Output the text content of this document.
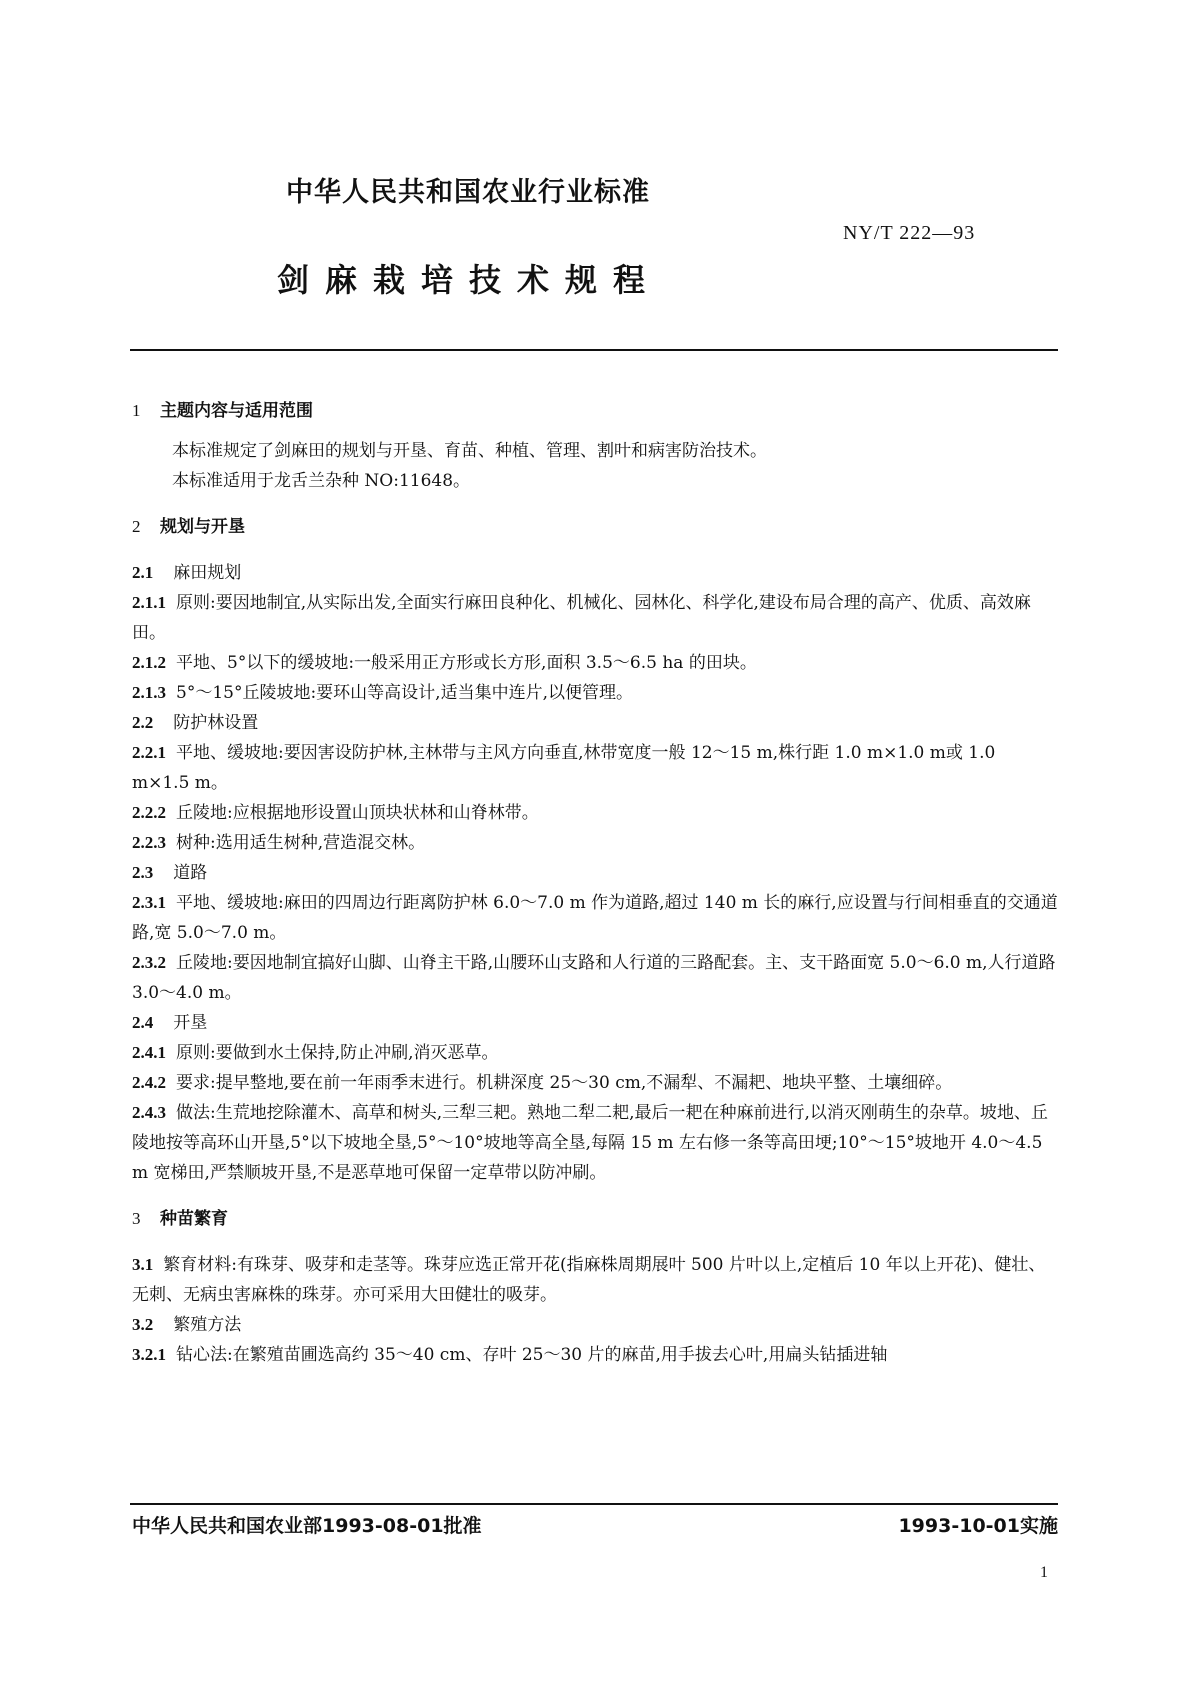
中华人民共和国农业行业标准
NY/T 222—93
剑麻栽培技术规程
1 主题内容与适用范围

本标准规定了剑麻田的规划与开垦、育苗、种植、管理、割叶和病害防治技术。

本标准适用于龙舌兰杂种 NO:11648。

2 规划与开垦

2.1 麻田规划

2.1.1 原则:要因地制宜,从实际出发,全面实行麻田良种化、机械化、园林化、科学化,建设布局合理的高产、优质、高效麻田。

2.1.2 平地、5°以下的缓坡地:一般采用正方形或长方形,面积 3.5～6.5 ha 的田块。

2.1.3 5°～15°丘陵坡地:要环山等高设计,适当集中连片,以便管理。

2.2 防护林设置

2.2.1 平地、缓坡地:要因害设防护林,主林带与主风方向垂直,林带宽度一般 12～15 m,株行距 1.0 m×1.0 m或 1.0 m×1.5 m。

2.2.2 丘陵地:应根据地形设置山顶块状林和山脊林带。

2.2.3 树种:选用适生树种,营造混交林。

2.3 道路

2.3.1 平地、缓坡地:麻田的四周边行距离防护林 6.0～7.0 m 作为道路,超过 140 m 长的麻行,应设置与行间相垂直的交通道路,宽 5.0～7.0 m。

2.3.2 丘陵地:要因地制宜搞好山脚、山脊主干路,山腰环山支路和人行道的三路配套。主、支干路面宽 5.0～6.0 m,人行道路 3.0～4.0 m。

2.4 开垦

2.4.1 原则:要做到水土保持,防止冲刷,消灭恶草。

2.4.2 要求:提早整地,要在前一年雨季末进行。机耕深度 25～30 cm,不漏犁、不漏耙、地块平整、土壤细碎。

2.4.3 做法:生荒地挖除灌木、高草和树头,三犁三耙。熟地二犁二耙,最后一耙在种麻前进行,以消灭刚萌生的杂草。坡地、丘陵地按等高环山开垦,5°以下坡地全垦,5°～10°坡地等高全垦,每隔 15 m 左右修一条等高田埂;10°～15°坡地开 4.0～4.5 m 宽梯田,严禁顺坡开垦,不是恶草地可保留一定草带以防冲刷。

3 种苗繁育

3.1 繁育材料:有珠芽、吸芽和走茎等。珠芽应选正常开花(指麻株周期展叶 500 片叶以上,定植后 10 年以上开花)、健壮、无刺、无病虫害麻株的珠芽。亦可采用大田健壮的吸芽。

3.2 繁殖方法

3.2.1 钻心法:在繁殖苗圃选高约 35～40 cm、存叶 25～30 片的麻苗,用手拔去心叶,用扁头钻插进轴

中华人民共和国农业部1993-08-01批准	1993-10-01实施
1
